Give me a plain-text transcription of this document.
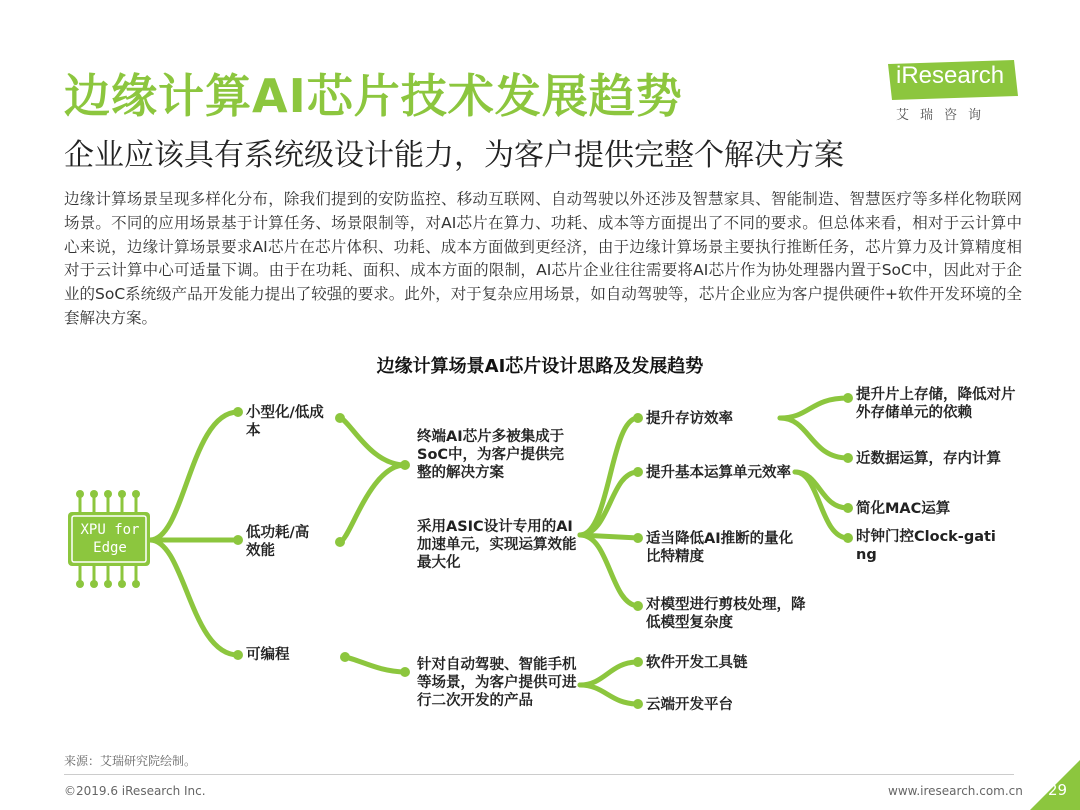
边缘计算AI芯片技术发展趋势
企业应该具有系统级设计能力，为客户提供完整个解决方案
iResearch
艾瑞咨询
边缘计算场景呈现多样化分布，除我们提到的安防监控、移动互联网、自动驾驶以外还涉及智慧家具、智能制造、智慧医疗等多样化物联网场景。不同的应用场景基于计算任务、场景限制等，对AI芯片在算力、功耗、成本等方面提出了不同的要求。但总体来看，相对于云计算中心来说，边缘计算场景要求AI芯片在芯片体积、功耗、成本方面做到更经济，由于边缘计算场景主要执行推断任务，芯片算力及计算精度相对于云计算中心可适量下调。由于在功耗、面积、成本方面的限制，AI芯片企业往往需要将AI芯片作为协处理器内置于SoC中，因此对于企业的SoC系统级产品开发能力提出了较强的要求。此外，对于复杂应用场景，如自动驾驶等，芯片企业应为客户提供硬件+软件开发环境的全套解决方案。
边缘计算场景AI芯片设计思路及发展趋势
XPU for Edge
小型化/低成本
低功耗/高效能
可编程
终端AI芯片多被集成于SoC中，为客户提供完整的解决方案
采用ASIC设计专用的AI加速单元，实现运算效能最大化
针对自动驾驶、智能手机等场景，为客户提供可进行二次开发的产品
提升存访效率
提升基本运算单元效率
适当降低AI推断的量化比特精度
对模型进行剪枝处理，降低模型复杂度
软件开发工具链
云端开发平台
提升片上存储，降低对片外存储单元的依赖
近数据运算，存内计算
简化MAC运算
时钟门控Clock-gating
来源：艾瑞研究院绘制。
©2019.6 iResearch Inc.	www.iresearch.com.cn 29
